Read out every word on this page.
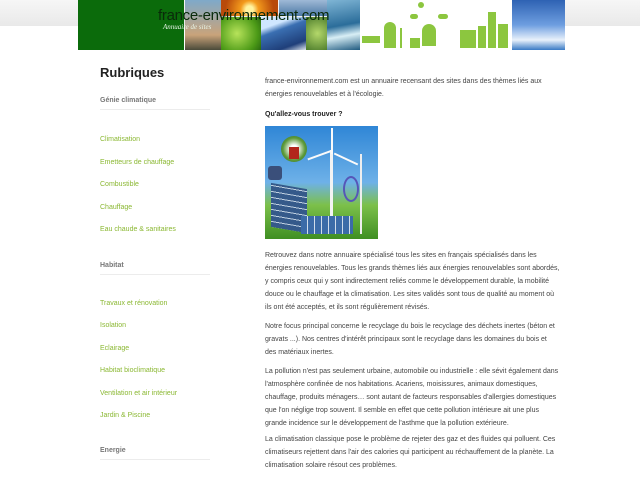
france-environnement.com
Annuaire de sites
Rubriques
Génie climatique
Climatisation
Emetteurs de chauffage
Combustible
Chauffage
Eau chaude & sanitaires
Habitat
Travaux et rénovation
Isolation
Eclairage
Habitat bioclimatique
Ventilation et air intérieur
Jardin & Piscine
Energie

france-environnement.com est un annuaire recensant des sites dans des thèmes liés aux énergies renouvelables et à l'écologie.

Qu'allez-vous trouver ?

Retrouvez dans notre annuaire spécialisé tous les sites en français spécialisés dans les énergies renouvelables. Tous les grands thèmes liés aux énergies renouvelables sont abordés, y compris ceux qui y sont indirectement reliés comme le développement durable, la mobilité douce ou le chauffage et la climatisation. Les sites validés sont tous de qualité au moment où ils ont été acceptés, et ils sont régulièrement révisés.

Notre focus principal concerne le recyclage du bois le recyclage des déchets inertes (béton et gravats ...). Nos centres d'intérêt principaux sont le recyclage dans les domaines du bois et des matériaux inertes.

La pollution n'est pas seulement urbaine, automobile ou industrielle : elle sévit également dans l'atmosphère confinée de nos habitations. Acariens, moisissures, animaux domestiques, chauffage, produits ménagers… sont autant de facteurs responsables d'allergies domestiques que l'on néglige trop souvent. Il semble en effet que cette pollution intérieure ait une plus grande incidence sur le développement de l'asthme que la pollution extérieure.

La climatisation classique pose le problème de rejeter des gaz et des fluides qui polluent. Ces climatiseurs rejettent dans l'air des calories qui participent au réchauffement de la planète. La climatisation solaire résout ces problèmes.
